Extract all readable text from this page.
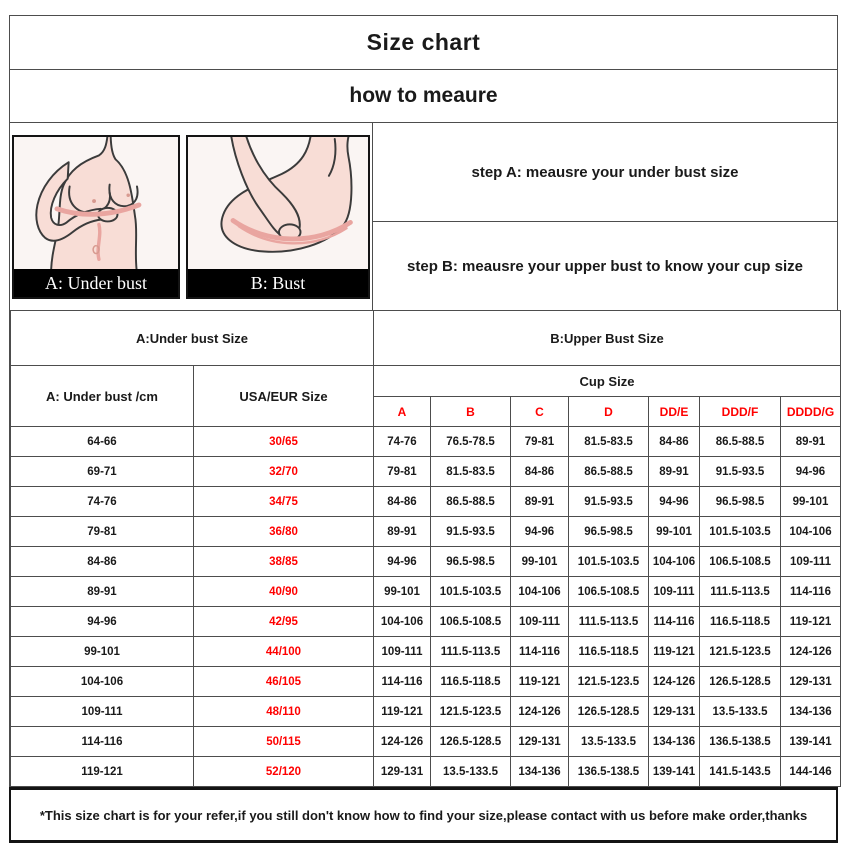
Size chart
how to meaure
A: Under bust	B: Bust
step A: meausre your under bust size
step B: meausre your upper bust to know your cup size
A:Under bust Size		B:Upper Bust Size						
A: Under bust /cm	USA/EUR Size	Cup Size						
		A	B	C	D	DD/E	DDD/F	DDDD/G
64-66	30/65	74-76	76.5-78.5	79-81	81.5-83.5	84-86	86.5-88.5	89-91
69-71	32/70	79-81	81.5-83.5	84-86	86.5-88.5	89-91	91.5-93.5	94-96
74-76	34/75	84-86	86.5-88.5	89-91	91.5-93.5	94-96	96.5-98.5	99-101
79-81	36/80	89-91	91.5-93.5	94-96	96.5-98.5	99-101	101.5-103.5	104-106
84-86	38/85	94-96	96.5-98.5	99-101	101.5-103.5	104-106	106.5-108.5	109-111
89-91	40/90	99-101	101.5-103.5	104-106	106.5-108.5	109-111	111.5-113.5	114-116
94-96	42/95	104-106	106.5-108.5	109-111	111.5-113.5	114-116	116.5-118.5	119-121
99-101	44/100	109-111	111.5-113.5	114-116	116.5-118.5	119-121	121.5-123.5	124-126
104-106	46/105	114-116	116.5-118.5	119-121	121.5-123.5	124-126	126.5-128.5	129-131
109-111	48/110	119-121	121.5-123.5	124-126	126.5-128.5	129-131	13.5-133.5	134-136
114-116	50/115	124-126	126.5-128.5	129-131	13.5-133.5	134-136	136.5-138.5	139-141
119-121	52/120	129-131	13.5-133.5	134-136	136.5-138.5	139-141	141.5-143.5	144-146
*This size chart is for your refer,if you still don't know how to find your size,please contact with us before make order,thanks
